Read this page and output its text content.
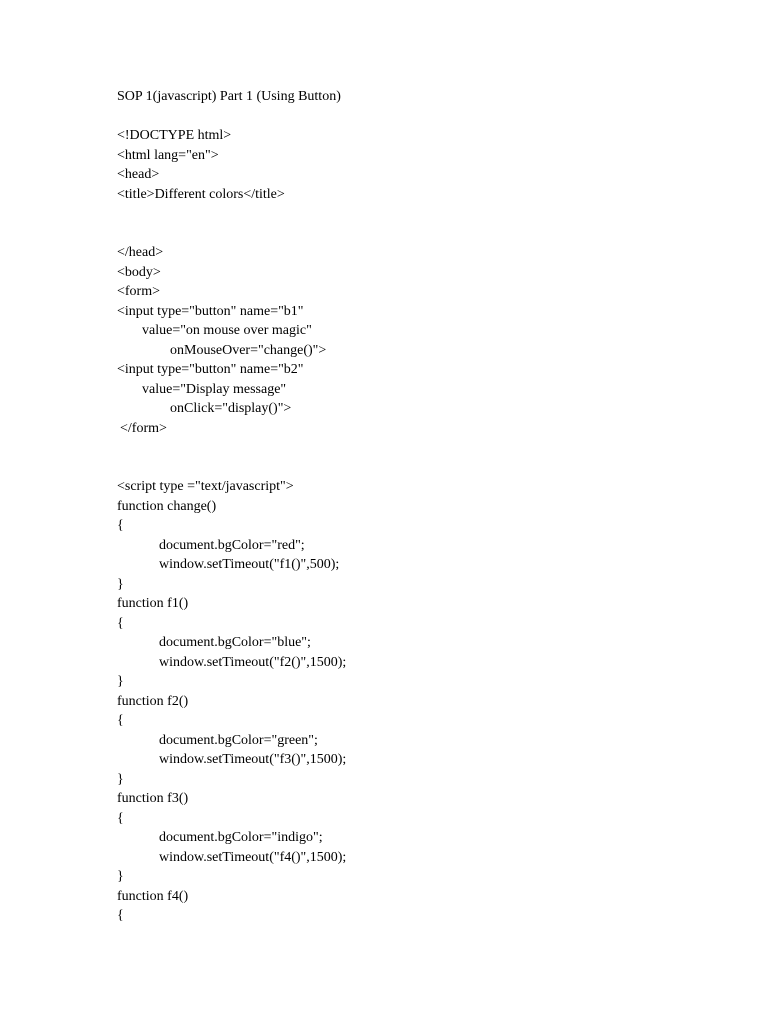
SOP 1(javascript) Part 1 (Using Button)
<!DOCTYPE html>
<html lang="en">
<head>
<title>Different colors</title>
</head>
<body>
<form>
<input type="button" name="b1"
value="on mouse over magic"
onMouseOver="change()">
<input type="button" name="b2"
value="Display message"
onClick="display()">
</form>
<script type ="text/javascript">
function change()
{
document.bgColor="red";
window.setTimeout("f1()",500);
}
function f1()
{
document.bgColor="blue";
window.setTimeout("f2()",1500);
}
function f2()
{
document.bgColor="green";
window.setTimeout("f3()",1500);
}
function f3()
{
document.bgColor="indigo";
window.setTimeout("f4()",1500);
}
function f4()
{
